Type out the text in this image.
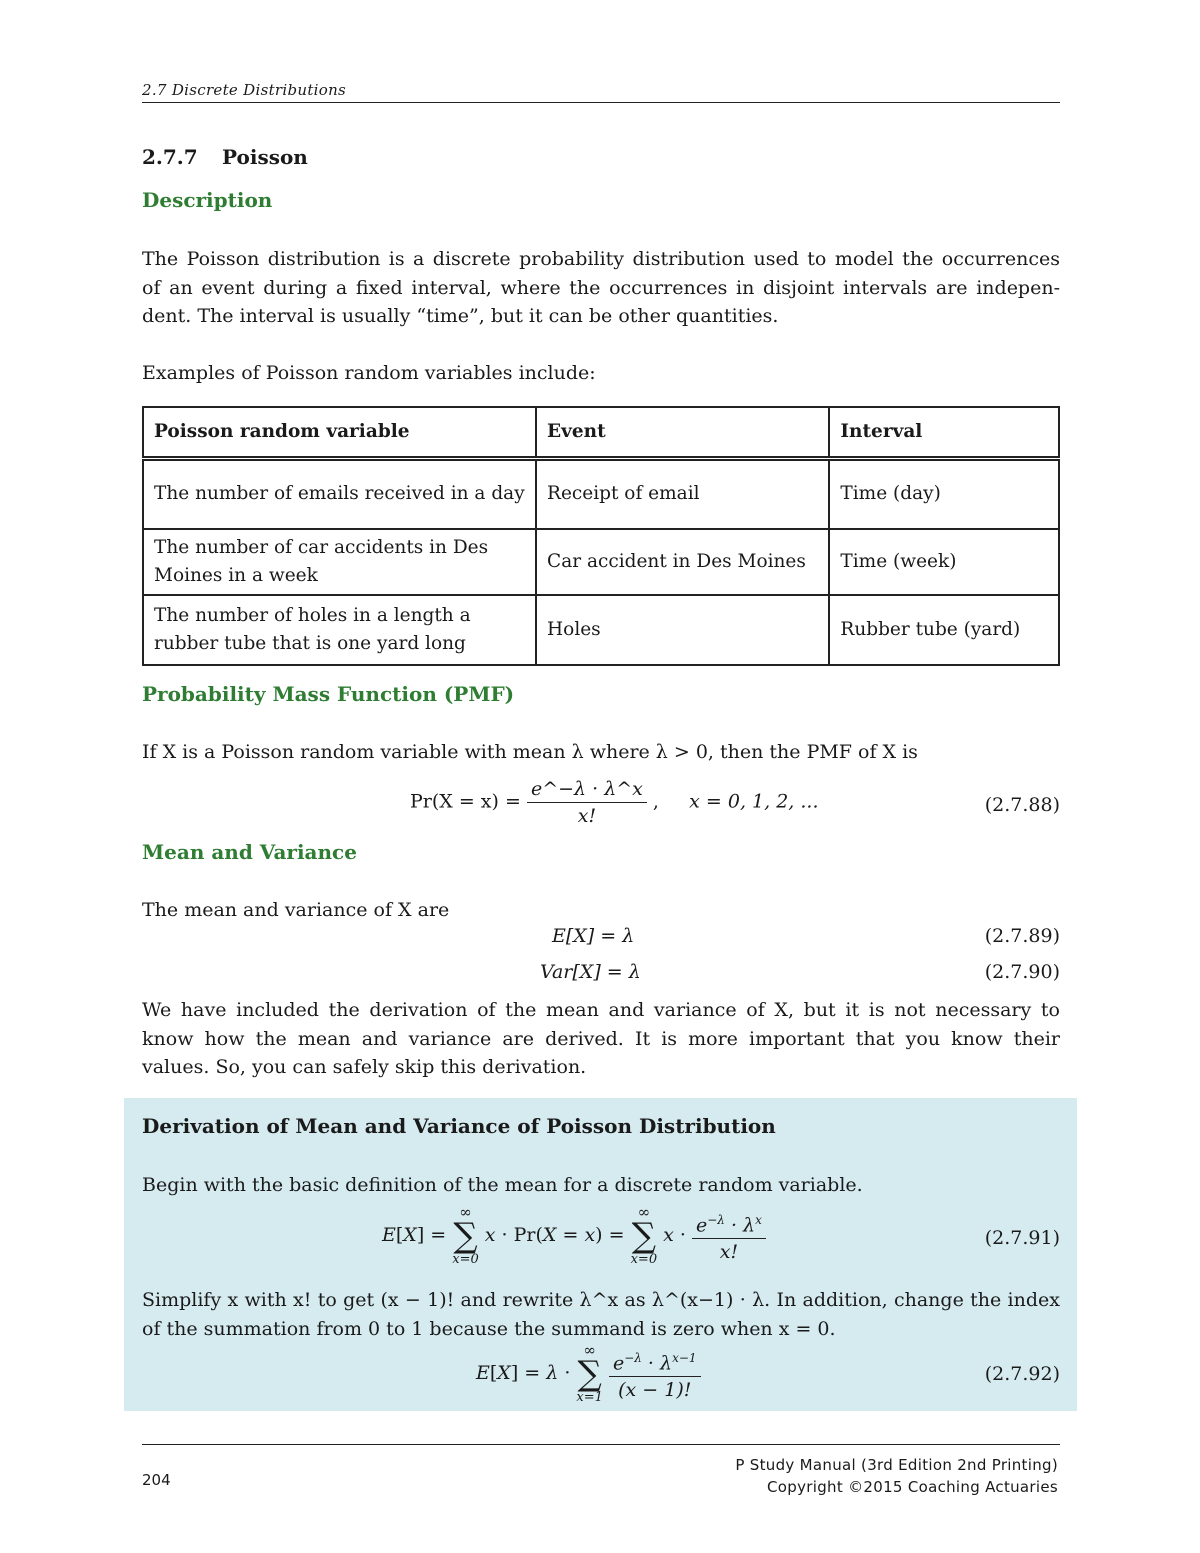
2.7 Discrete Distributions
2.7.7 Poisson
Description
The Poisson distribution is a discrete probability distribution used to model the occurrences
of an event during a fixed interval, where the occurrences in disjoint intervals are indepen-
dent. The interval is usually “time”, but it can be other quantities.
Examples of Poisson random variables include:
Poisson random variable	Event	Interval
The number of emails received in a day	Receipt of email	Time (day)
The number of car accidents in Des Moines in a week	Car accident in Des Moines	Time (week)
The number of holes in a length a rubber tube that is one yard long	Holes	Rubber tube (yard)
Probability Mass Function (PMF)
If X is a Poisson random variable with mean λ where λ > 0, then the PMF of X is
$Pr(X = x) = \frac{e\^{}-\lambda \cdot \lambda\^{}x}{x!}$ ,     x = 0, 1, 2, ...	(2.7.88)
Mean and Variance
The mean and variance of X are
E[X] = λ	(2.7.89)
Var[X] = λ	(2.7.90)
We have included the derivation of the mean and variance of X, but it is not necessary to
know how the mean and variance are derived. It is more important that you know their
values. So, you can safely skip this derivation.
Derivation of Mean and Variance of Poisson Distribution
Begin with the basic definition of the mean for a discrete random variable.
E[X] =
∞
∑
x=0
x · Pr(X = x) =
∞
∑
x=0
$x \cdot \frac{e^{-\lambda} \cdot \lambda^x}{x!}$	(2.7.91)
Simplify x with x! to get (x − 1)! and rewrite λ^x as λ^(x−1) · λ. In addition, change the index
of the summation from 0 to 1 because the summand is zero when x = 0.
E[X] = λ ·
∞
∑
x=1
$\frac{e^{-\lambda} \cdot \lambda^{x-1}}{(x - 1)!}$	(2.7.92)
204
P Study Manual (3rd Edition 2nd Printing)
Copyright ©2015 Coaching Actuaries
